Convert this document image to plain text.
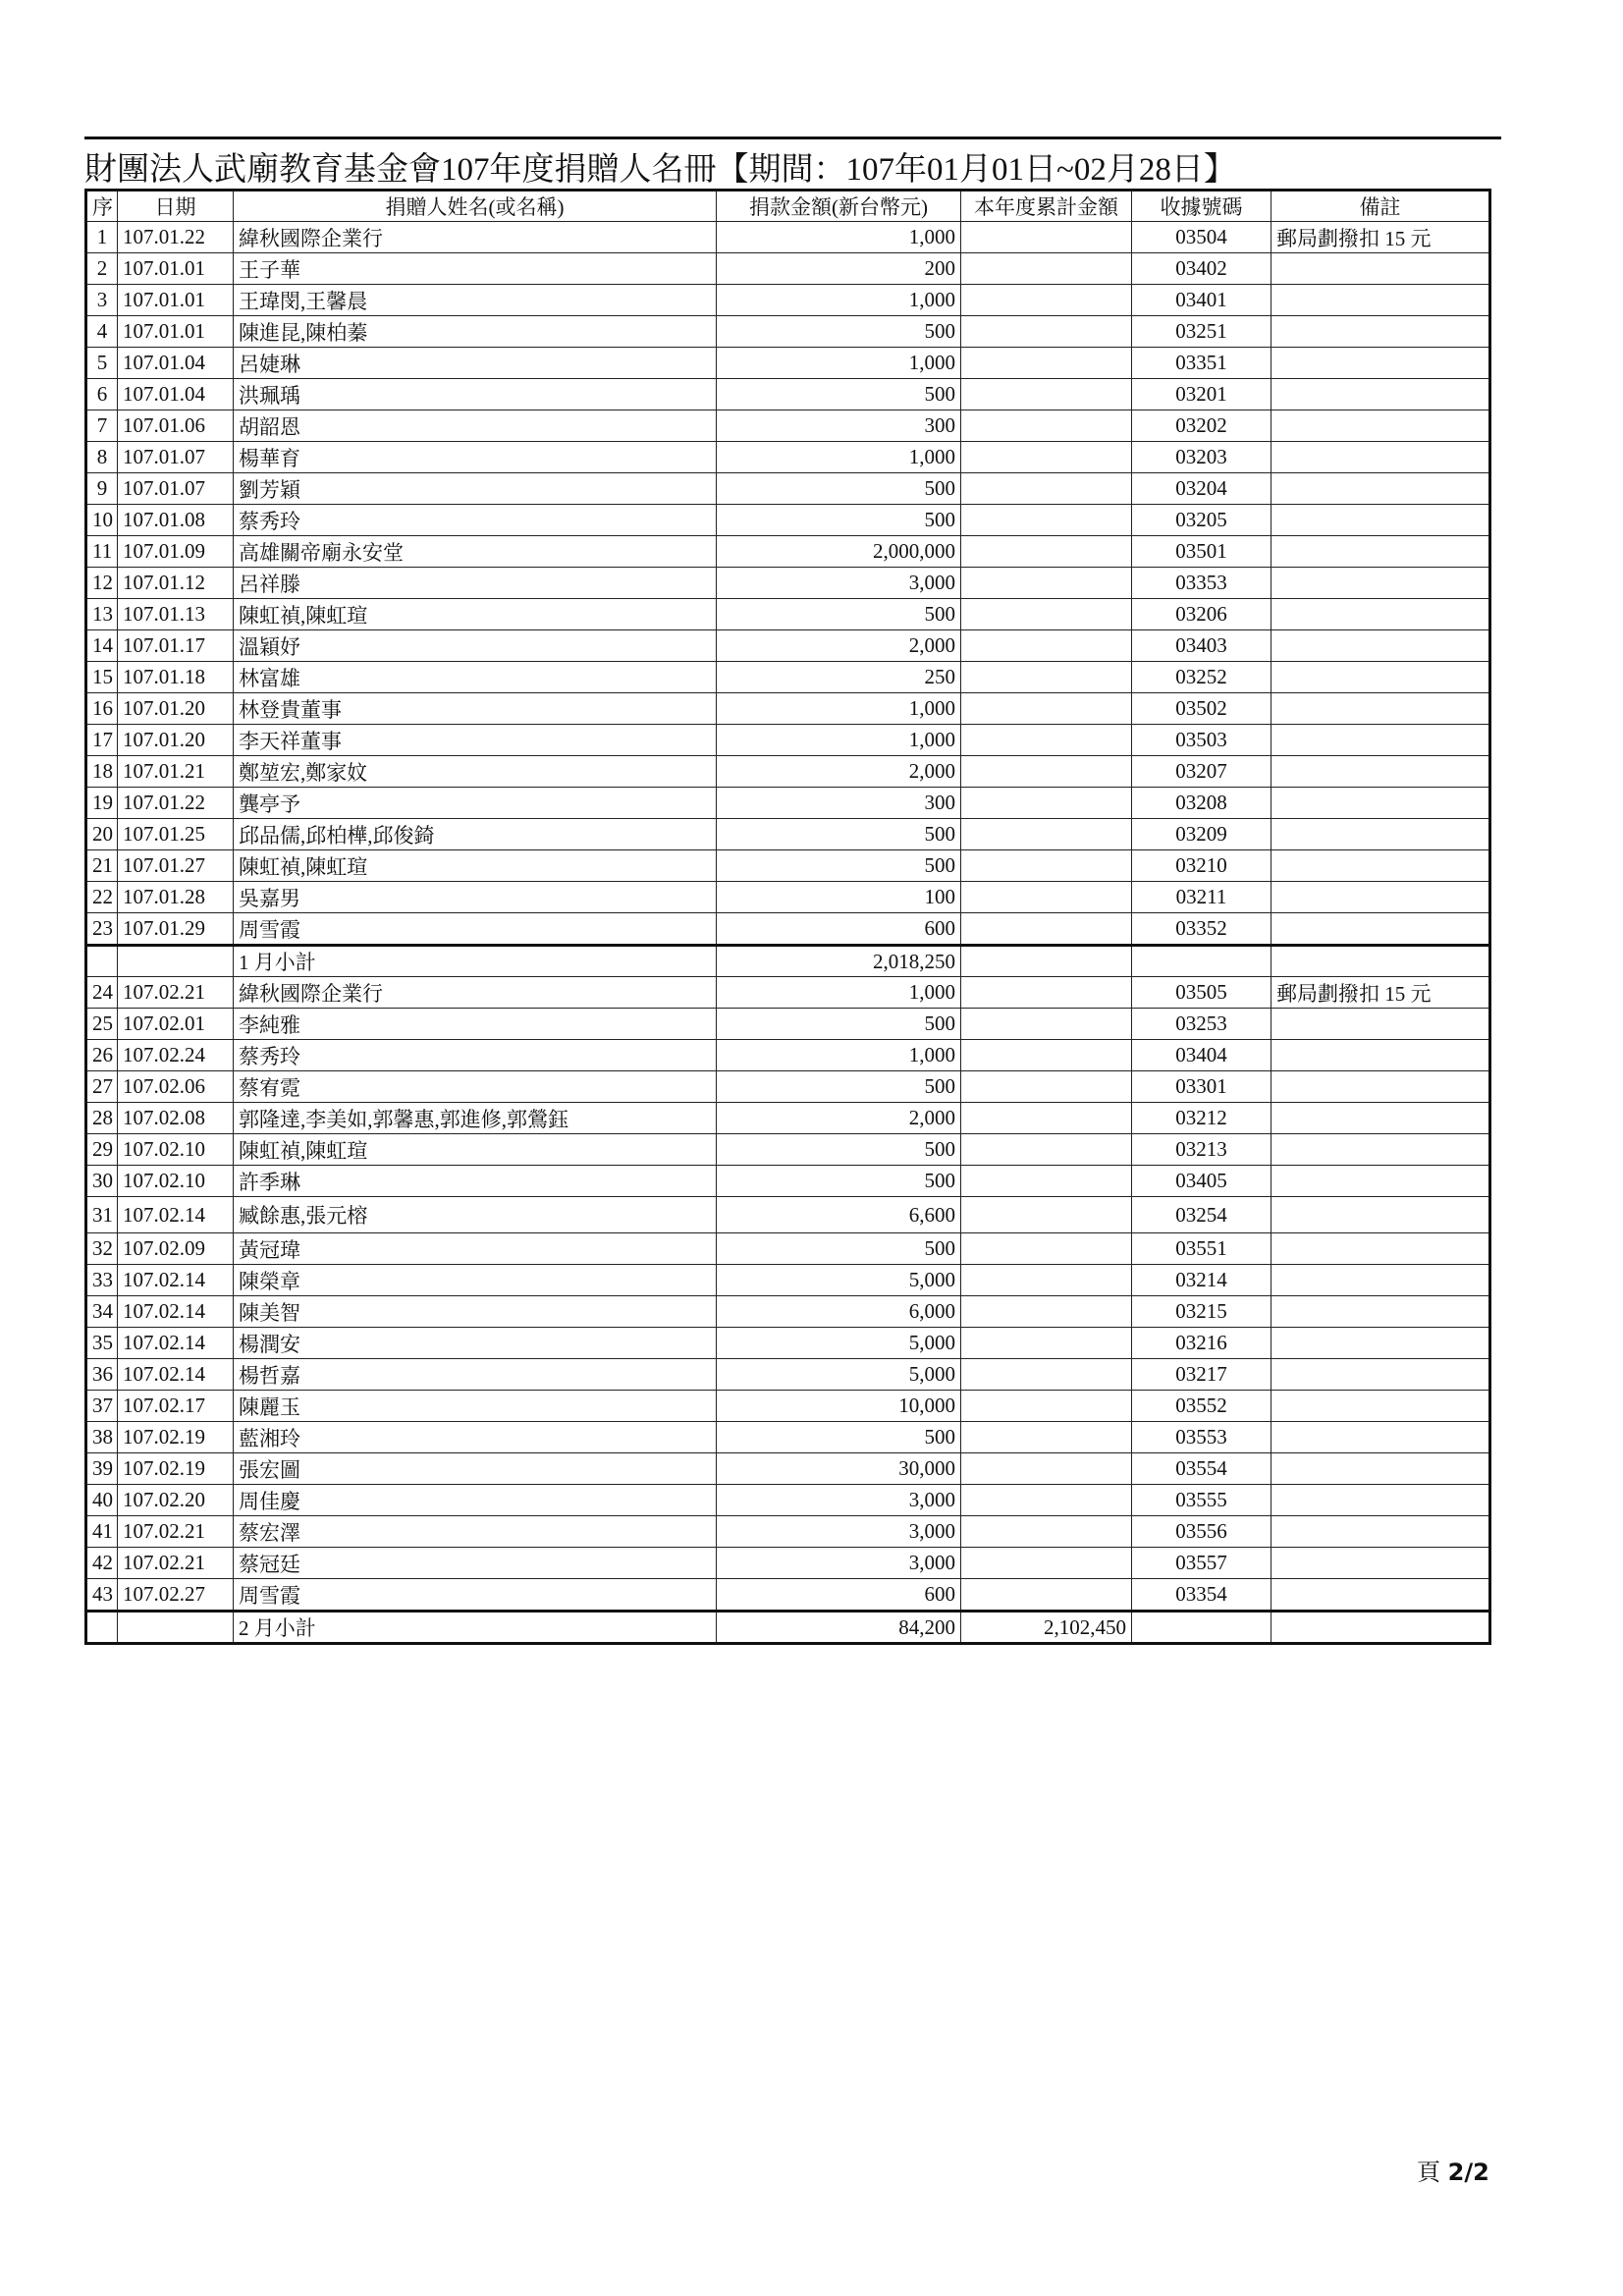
財團法人武廟教育基金會107年度捐贈人名冊【期間：107年01月01日~02月28日】
序	日期	捐贈人姓名(或名稱)	捐款金額(新台幣元)	本年度累計金額	收據號碼	備註
1	107.01.22	緯秋國際企業行	1,000		03504	郵局劃撥扣 15 元
2	107.01.01	王子華	200		03402	
3	107.01.01	王瑋閔,王馨晨	1,000		03401	
4	107.01.01	陳進昆,陳柏蓁	500		03251	
5	107.01.04	呂婕琳	1,000		03351	
6	107.01.04	洪珮瑀	500		03201	
7	107.01.06	胡韶恩	300		03202	
8	107.01.07	楊華育	1,000		03203	
9	107.01.07	劉芳穎	500		03204	
10	107.01.08	蔡秀玲	500		03205	
11	107.01.09	高雄關帝廟永安堂	2,000,000		03501	
12	107.01.12	呂祥滕	3,000		03353	
13	107.01.13	陳虹禎,陳虹瑄	500		03206	
14	107.01.17	溫穎妤	2,000		03403	
15	107.01.18	林富雄	250		03252	
16	107.01.20	林登貴董事	1,000		03502	
17	107.01.20	李天祥董事	1,000		03503	
18	107.01.21	鄭堃宏,鄭家妏	2,000		03207	
19	107.01.22	龔亭予	300		03208	
20	107.01.25	邱品儒,邱柏樺,邱俊錡	500		03209	
21	107.01.27	陳虹禎,陳虹瑄	500		03210	
22	107.01.28	吳嘉男	100		03211	
23	107.01.29	周雪霞	600		03352	
		1 月小計	2,018,250			
24	107.02.21	緯秋國際企業行	1,000		03505	郵局劃撥扣 15 元
25	107.02.01	李純雅	500		03253	
26	107.02.24	蔡秀玲	1,000		03404	
27	107.02.06	蔡宥霓	500		03301	
28	107.02.08	郭隆達,李美如,郭馨惠,郭進修,郭鶯鈺	2,000		03212	
29	107.02.10	陳虹禎,陳虹瑄	500		03213	
30	107.02.10	許季琳	500		03405	
31	107.02.14	臧餘惠,張元榕	6,600		03254	
32	107.02.09	黃冠瑋	500		03551	
33	107.02.14	陳榮章	5,000		03214	
34	107.02.14	陳美智	6,000		03215	
35	107.02.14	楊潤安	5,000		03216	
36	107.02.14	楊哲嘉	5,000		03217	
37	107.02.17	陳麗玉	10,000		03552	
38	107.02.19	藍湘玲	500		03553	
39	107.02.19	張宏圖	30,000		03554	
40	107.02.20	周佳慶	3,000		03555	
41	107.02.21	蔡宏澤	3,000		03556	
42	107.02.21	蔡冠廷	3,000		03557	
43	107.02.27	周雪霞	600		03354	
		2 月小計	84,200	2,102,450		
頁 2/2
